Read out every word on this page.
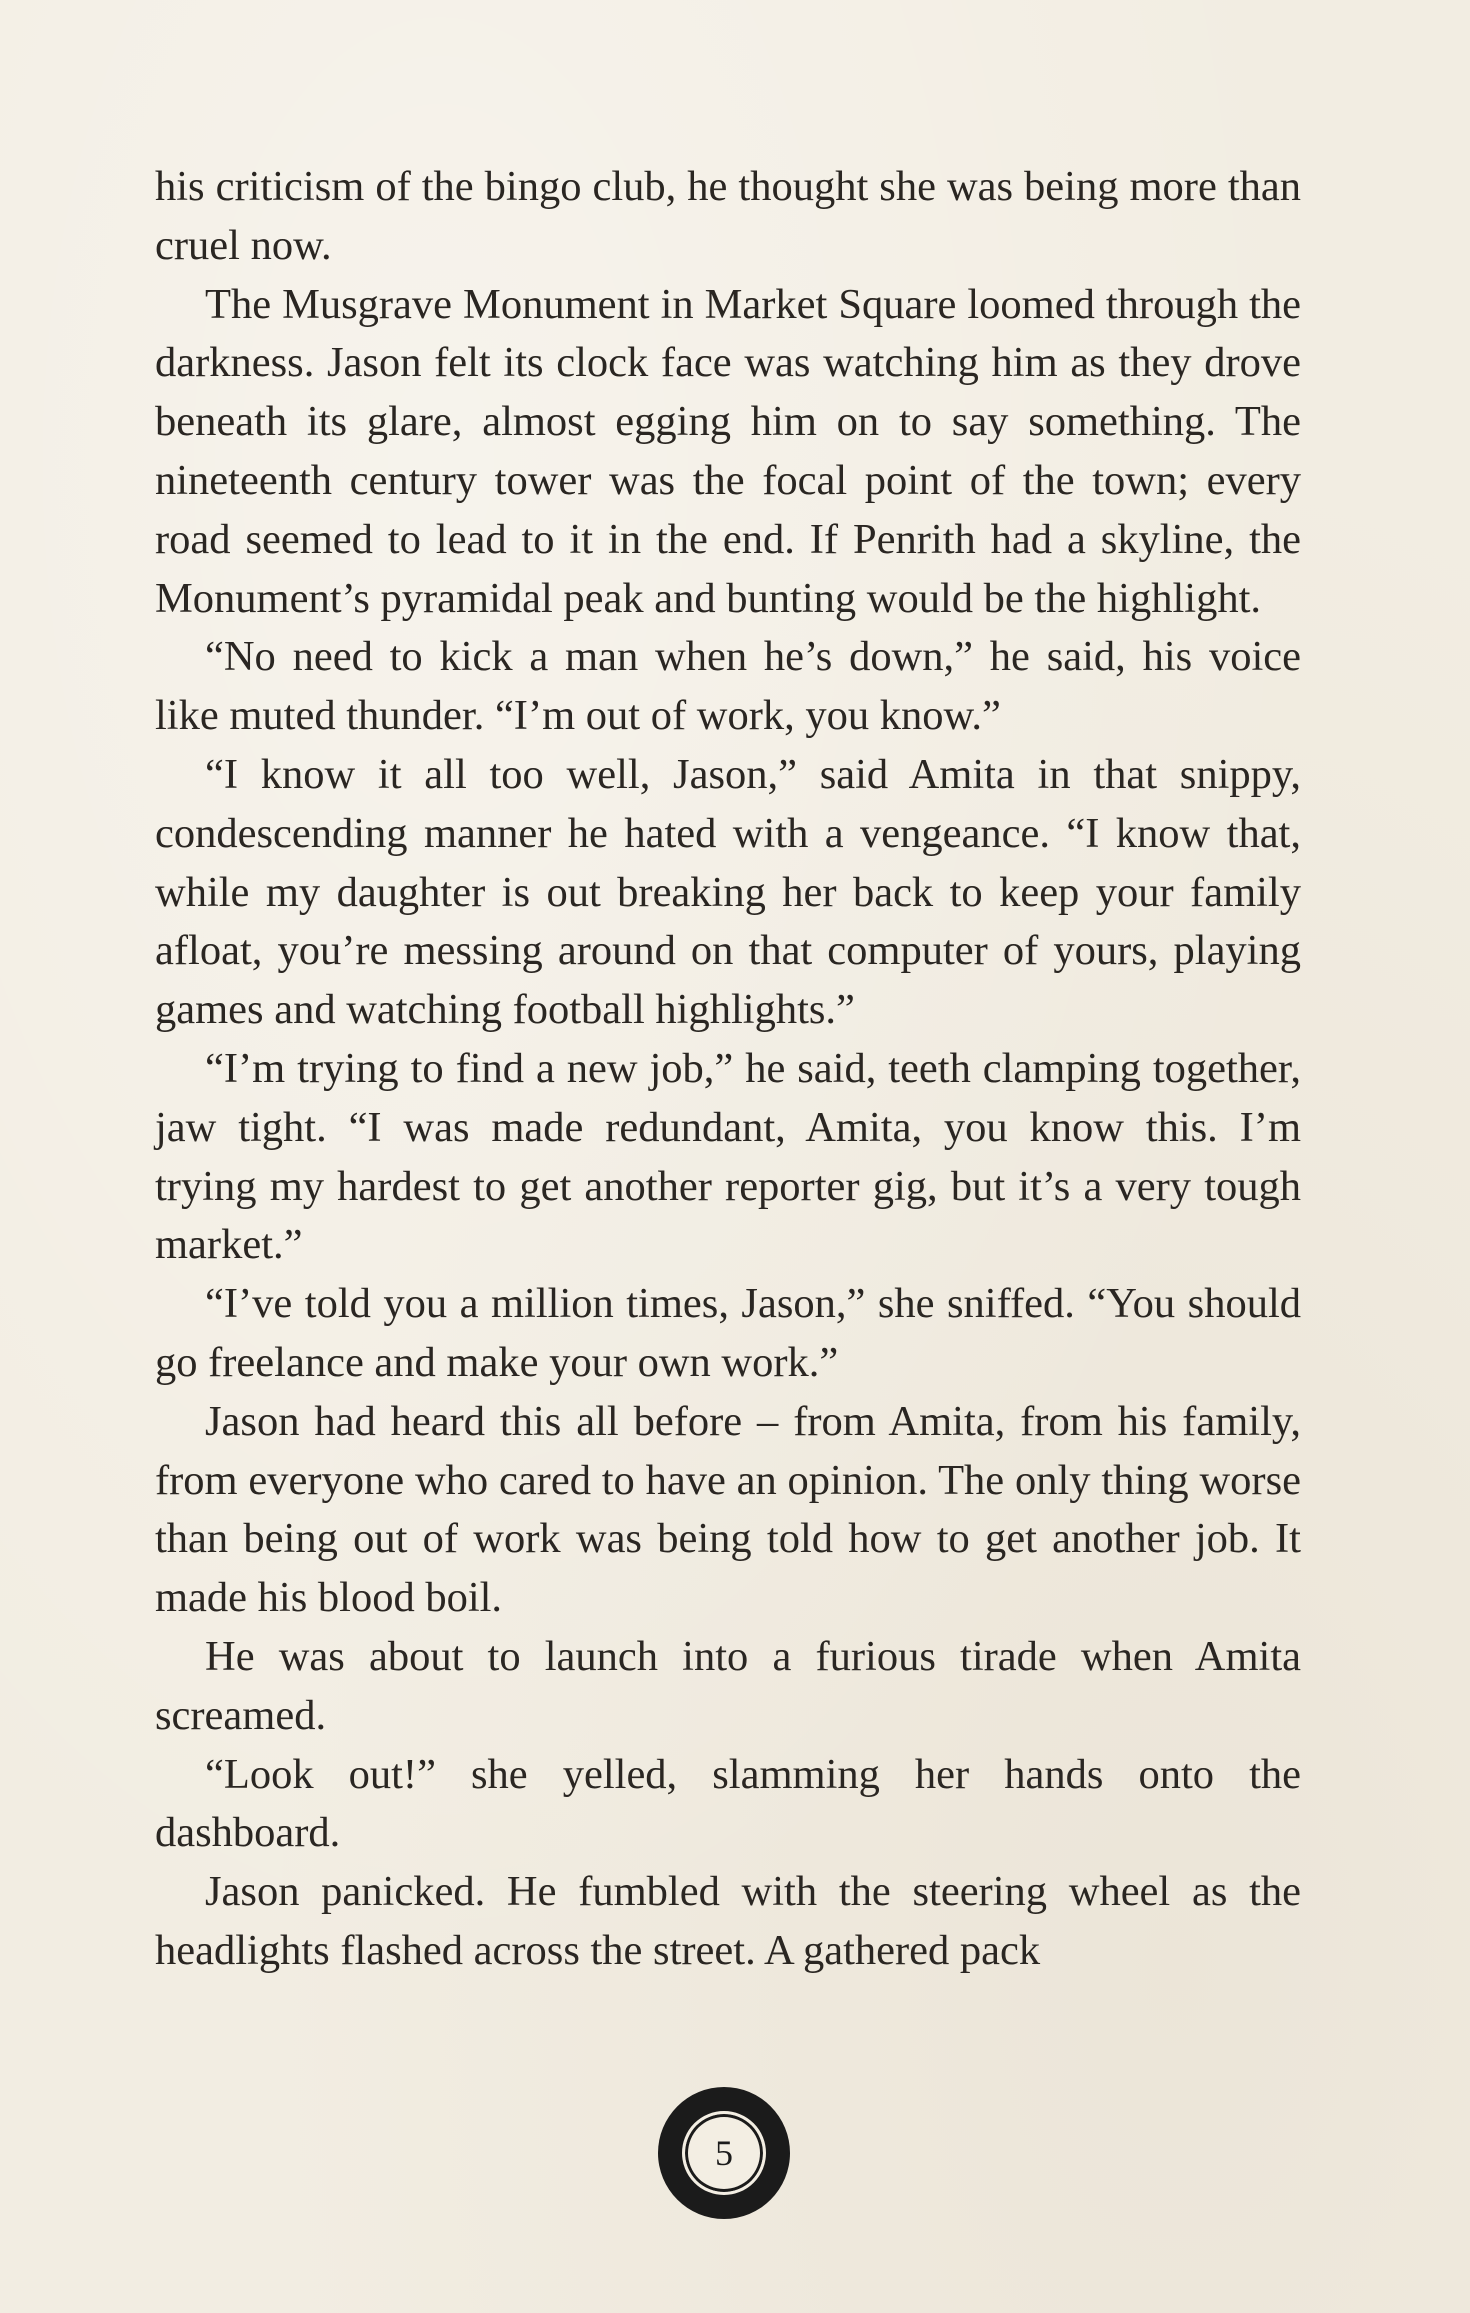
his criticism of the bingo club, he thought she was being more than cruel now.

The Musgrave Monument in Market Square loomed through the darkness. Jason felt its clock face was watching him as they drove beneath its glare, almost egging him on to say something. The nineteenth century tower was the focal point of the town; every road seemed to lead to it in the end. If Penrith had a skyline, the Monument’s pyramidal peak and bunting would be the highlight.

“No need to kick a man when he’s down,” he said, his voice like muted thunder. “I’m out of work, you know.”

“I know it all too well, Jason,” said Amita in that snippy, condescending manner he hated with a vengeance. “I know that, while my daughter is out breaking her back to keep your family afloat, you’re messing around on that computer of yours, playing games and watching football highlights.”

“I’m trying to find a new job,” he said, teeth clamping together, jaw tight. “I was made redundant, Amita, you know this. I’m trying my hardest to get another reporter gig, but it’s a very tough market.”

“I’ve told you a million times, Jason,” she sniffed. “You should go freelance and make your own work.”

Jason had heard this all before – from Amita, from his family, from everyone who cared to have an opinion. The only thing worse than being out of work was being told how to get another job. It made his blood boil.

He was about to launch into a furious tirade when Amita screamed.

“Look out!” she yelled, slamming her hands onto the dashboard.

Jason panicked. He fumbled with the steering wheel as the headlights flashed across the street. A gathered pack

5
